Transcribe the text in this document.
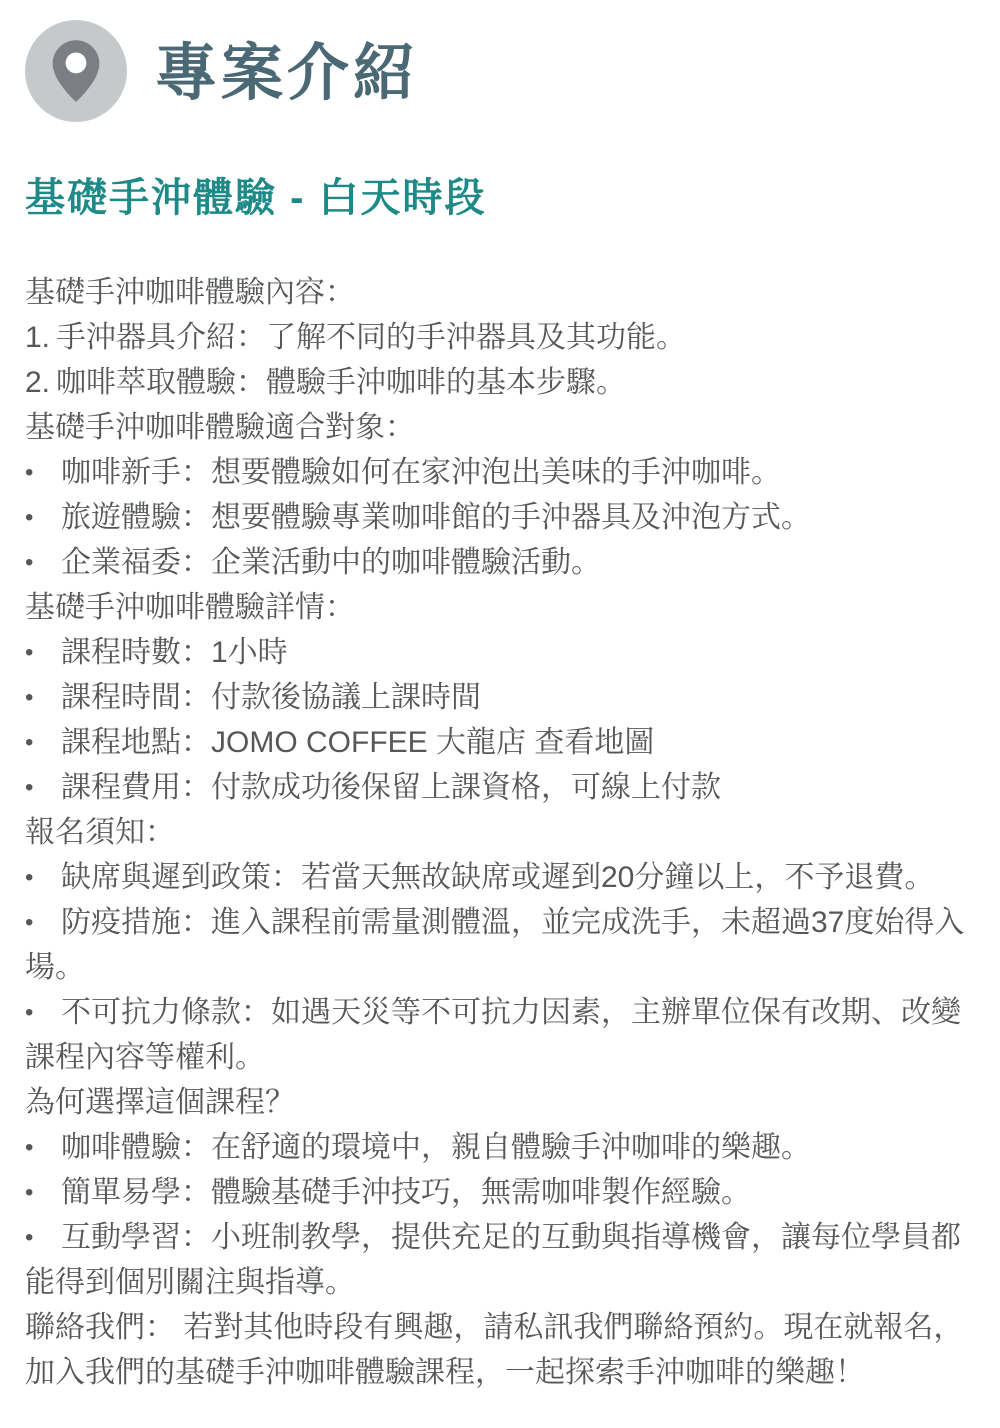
專案介紹
基礎手沖體驗 - 白天時段

基礎手沖咖啡體驗內容：

1. 手沖器具介紹：了解不同的手沖器具及其功能。

2. 咖啡萃取體驗：體驗手沖咖啡的基本步驟。

基礎手沖咖啡體驗適合對象：

• 咖啡新手：想要體驗如何在家沖泡出美味的手沖咖啡。

• 旅遊體驗：想要體驗專業咖啡館的手沖器具及沖泡方式。

• 企業福委：企業活動中的咖啡體驗活動。

基礎手沖咖啡體驗詳情：

• 課程時數：1小時

• 課程時間：付款後協議上課時間

• 課程地點：JOMO COFFEE 大龍店 查看地圖

• 課程費用：付款成功後保留上課資格，可線上付款

報名須知：

• 缺席與遲到政策：若當天無故缺席或遲到20分鐘以上，不予退費。

• 防疫措施：進入課程前需量測體溫，並完成洗手，未超過37度始得入場。

• 不可抗力條款：如遇天災等不可抗力因素，主辦單位保有改期、改變課程內容等權利。

為何選擇這個課程？

• 咖啡體驗：在舒適的環境中，親自體驗手沖咖啡的樂趣。

• 簡單易學：體驗基礎手沖技巧，無需咖啡製作經驗。

• 互動學習：小班制教學，提供充足的互動與指導機會，讓每位學員都能得到個別關注與指導。

聯絡我們： 若對其他時段有興趣，請私訊我們聯絡預約。現在就報名，加入我們的基礎手沖咖啡體驗課程，一起探索手沖咖啡的樂趣！
